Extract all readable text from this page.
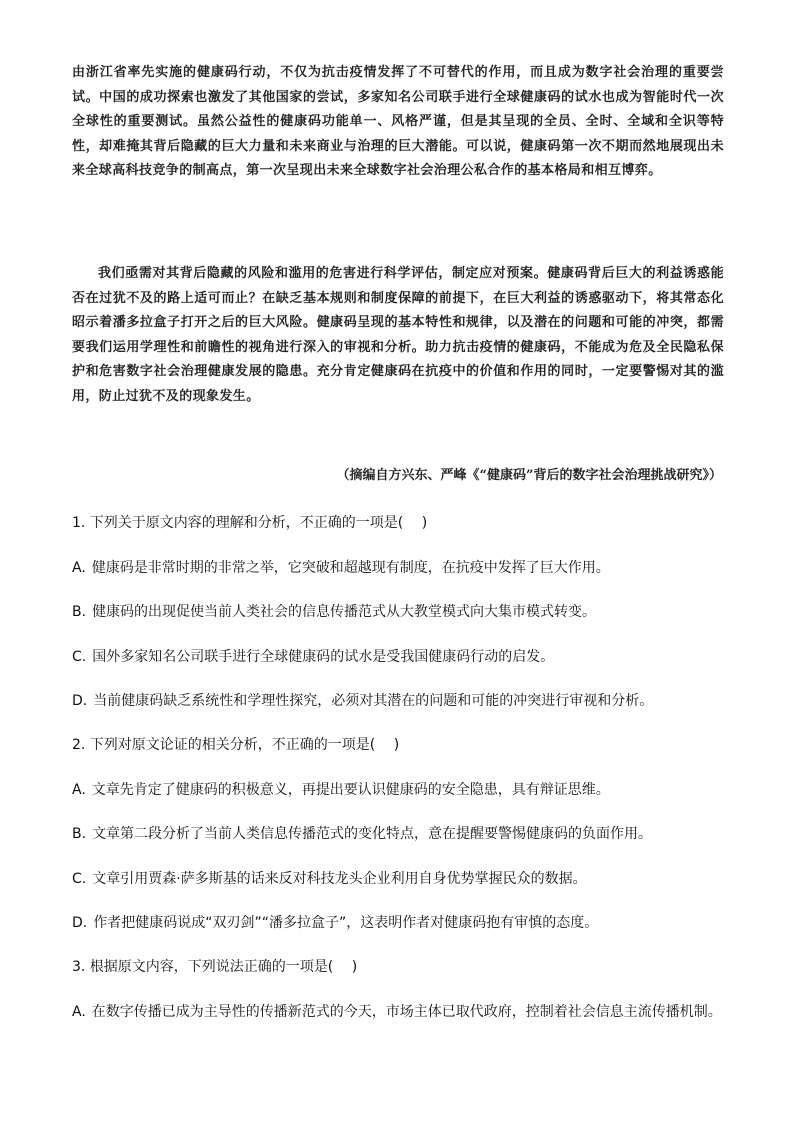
由浙江省率先实施的健康码行动，不仅为抗击疫情发挥了不可替代的作用，而且成为数字社会治理的重要尝试。中国的成功探索也激发了其他国家的尝试，多家知名公司联手进行全球健康码的试水也成为智能时代一次全球性的重要测试。虽然公益性的健康码功能单一、风格严谨，但是其呈现的全员、全时、全域和全识等特性，却难掩其背后隐藏的巨大力量和未来商业与治理的巨大潜能。可以说，健康码第一次不期而然地展现出未来全球高科技竞争的制高点，第一次呈现出未来全球数字社会治理公私合作的基本格局和相互博弈。

我们亟需对其背后隐藏的风险和滥用的危害进行科学评估，制定应对预案。健康码背后巨大的利益诱惑能否在过犹不及的路上适可而止？在缺乏基本规则和制度保障的前提下，在巨大利益的诱惑驱动下，将其常态化昭示着潘多拉盒子打开之后的巨大风险。健康码呈现的基本特性和规律，以及潜在的问题和可能的冲突，都需要我们运用学理性和前瞻性的视角进行深入的审视和分析。助力抗击疫情的健康码，不能成为危及全民隐私保护和危害数字社会治理健康发展的隐患。充分肯定健康码在抗疫中的价值和作用的同时，一定要警惕对其的滥用，防止过犹不及的现象发生。

（摘编自方兴东、严峰《“健康码”背后的数字社会治理挑战研究》）
1. 下列关于原文内容的理解和分析，不正确的一项是(　 )
A. 健康码是非常时期的非常之举，它突破和超越现有制度，在抗疫中发挥了巨大作用。
B. 健康码的出现促使当前人类社会的信息传播范式从大教堂模式向大集市模式转变。
C. 国外多家知名公司联手进行全球健康码的试水是受我国健康码行动的启发。
D. 当前健康码缺乏系统性和学理性探究，必须对其潜在的问题和可能的冲突进行审视和分析。
2. 下列对原文论证的相关分析，不正确的一项是(　 )
A. 文章先肯定了健康码的积极意义，再提出要认识健康码的安全隐患，具有辩证思维。
B. 文章第二段分析了当前人类信息传播范式的变化特点，意在提醒要警惕健康码的负面作用。
C. 文章引用贾森·萨多斯基的话来反对科技龙头企业利用自身优势掌握民众的数据。
D. 作者把健康码说成“双刃剑”“潘多拉盒子”，这表明作者对健康码抱有审慎的态度。
3. 根据原文内容，下列说法正确的一项是(　 )
A. 在数字传播已成为主导性的传播新范式的今天，市场主体已取代政府，控制着社会信息主流传播机制。
